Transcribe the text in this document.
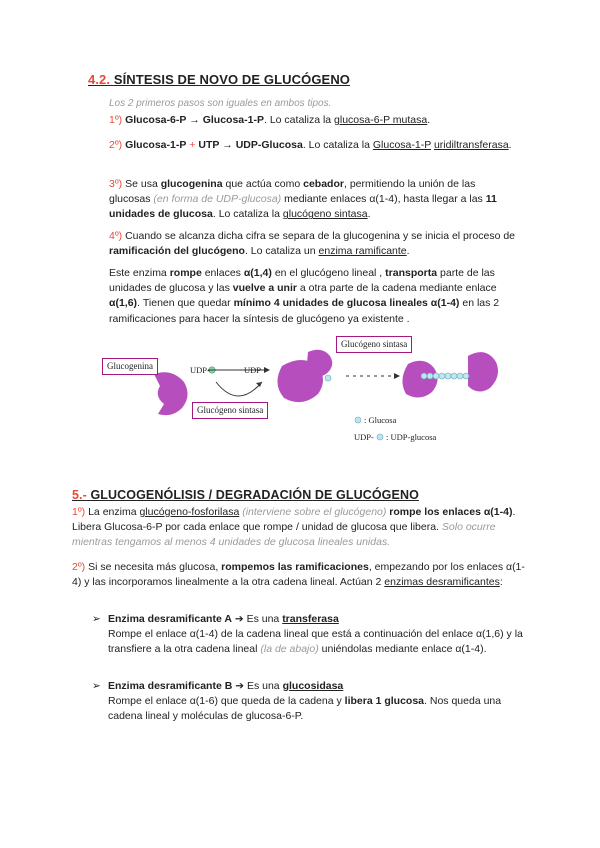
4.2. SÍNTESIS DE NOVO DE GLUCÓGENO
Los 2 primeros pasos son iguales en ambos tipos.
1º) Glucosa-6-P → Glucosa-1-P. Lo cataliza la glucosa-6-P mutasa.
2º) Glucosa-1-P + UTP → UDP-Glucosa. Lo cataliza la Glucosa-1-P uridiltransferasa.
3º) Se usa glucogenina que actúa como cebador, permitiendo la unión de las glucosas (en forma de UDP-glucosa) mediante enlaces α(1-4), hasta llegar a las 11 unidades de glucosa. Lo cataliza la glucógeno sintasa.
4º) Cuando se alcanza dicha cifra se separa de la glucogenina y se inicia el proceso de ramificación del glucógeno. Lo cataliza un enzima ramificante.
Este enzima rompe enlaces α(1,4) en el glucógeno lineal , transporta parte de las unidades de glucosa y las vuelve a unir a otra parte de la cadena mediante enlace α(1,6). Tienen que quedar mínimo 4 unidades de glucosa lineales α(1-4) en las 2 ramificaciones para hacer la síntesis de glucógeno ya existente .
Glucogenina	UDP-	UDP
Glucógeno sintasa
Glucógeno sintasa
: Glucosa
UDP- : UDP-glucosa
5.- GLUCOGENÓLISIS / DEGRADACIÓN DE GLUCÓGENO
1º) La enzima glucógeno-fosforilasa (interviene sobre el glucógeno) rompe los enlaces α(1-4). Libera Glucosa-6-P por cada enlace que rompe / unidad de glucosa que libera. Solo ocurre mientras tengamos al menos 4 unidades de glucosa lineales unidas.
2º) Si se necesita más glucosa, rompemos las ramificaciones, empezando por los enlaces α(1-4) y las incorporamos linealmente a la otra cadena lineal. Actúan 2 enzimas desramificantes:
➢ Enzima desramificante A ➔ Es una transferasa
Rompe el enlace α(1-4) de la cadena lineal que está a continuación del enlace α(1,6) y la transfiere a la otra cadena lineal (la de abajo) uniéndolas mediante enlace α(1-4).
➢ Enzima desramificante B ➔ Es una glucosidasa
Rompe el enlace α(1-6) que queda de la cadena y libera 1 glucosa. Nos queda una cadena lineal y moléculas de glucosa-6-P.
